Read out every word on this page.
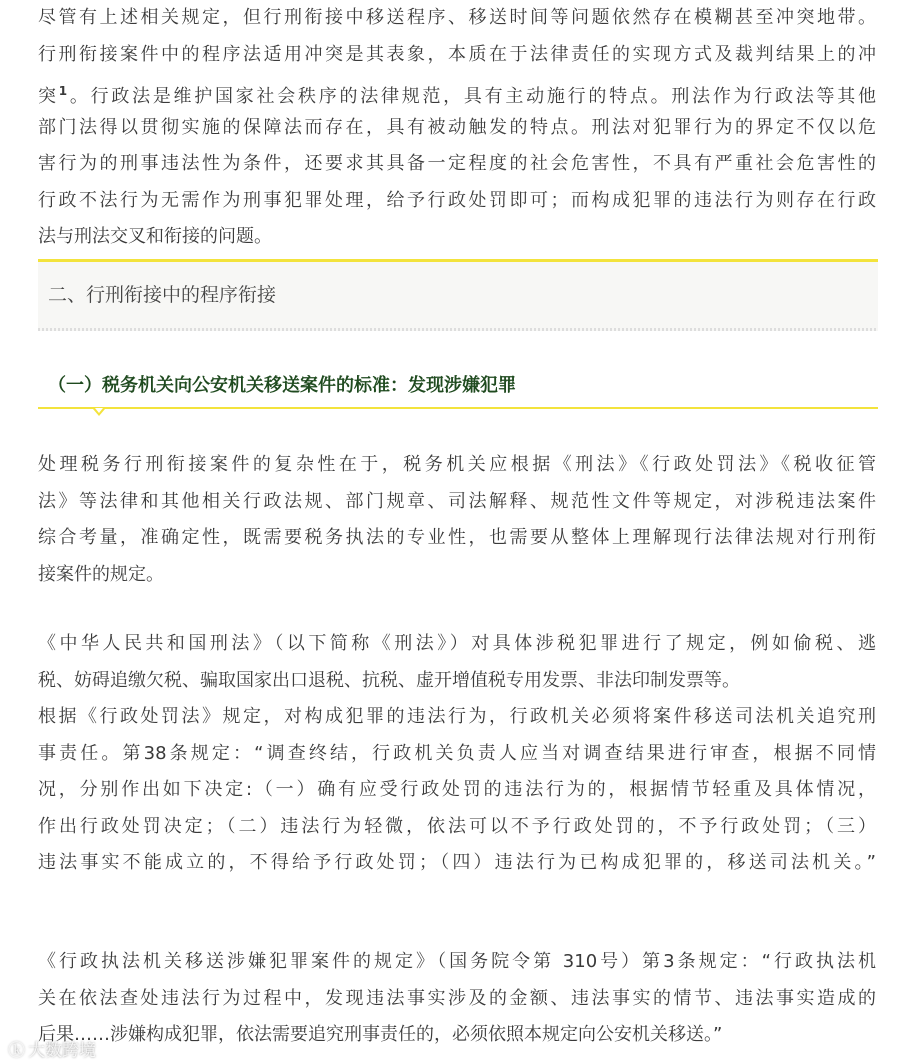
尽管有上述相关规定，但行刑衔接中移送程序、移送时间等问题依然存在模糊甚至冲突地带。
行刑衔接案件中的程序法适用冲突是其表象，本质在于法律责任的实现方式及裁判结果上的冲
突$^1$。行政法是维护国家社会秩序的法律规范，具有主动施行的特点。刑法作为行政法等其他
部门法得以贯彻实施的保障法而存在，具有被动触发的特点。刑法对犯罪行为的界定不仅以危
害行为的刑事违法性为条件，还要求其具备一定程度的社会危害性，不具有严重社会危害性的
行政不法行为无需作为刑事犯罪处理，给予行政处罚即可；而构成犯罪的违法行为则存在行政
法与刑法交叉和衔接的问题。
二、行刑衔接中的程序衔接
（一）税务机关向公安机关移送案件的标准：发现涉嫌犯罪
处理税务行刑衔接案件的复杂性在于，税务机关应根据《刑法》《行政处罚法》《税收征管
法》等法律和其他相关行政法规、部门规章、司法解释、规范性文件等规定，对涉税违法案件
综合考量，准确定性，既需要税务执法的专业性，也需要从整体上理解现行法律法规对行刑衔
接案件的规定。
《中华人民共和国刑法》（以下简称《刑法》）对具体涉税犯罪进行了规定，例如偷税、逃
税、妨碍追缴欠税、骗取国家出口退税、抗税、虚开增值税专用发票、非法印制发票等。
根据《行政处罚法》规定，对构成犯罪的违法行为，行政机关必须将案件移送司法机关追究刑
事责任。第38条规定：“调查终结，行政机关负责人应当对调查结果进行审查，根据不同情
况，分别作出如下决定:（一）确有应受行政处罚的违法行为的，根据情节轻重及具体情况，
作出行政处罚决定；（二）违法行为轻微，依法可以不予行政处罚的，不予行政处罚；（三）
违法事实不能成立的，不得给予行政处罚；（四）违法行为已构成犯罪的，移送司法机关。”
《行政执法机关移送涉嫌犯罪案件的规定》（国务院令第 310号）第3条规定：“行政执法机
关在依法查处违法行为过程中，发现违法事实涉及的金额、违法事实的情节、违法事实造成的
后果……涉嫌构成犯罪，依法需要追究刑事责任的，必须依照本规定向公安机关移送。”
ⓚ 大数跨境
